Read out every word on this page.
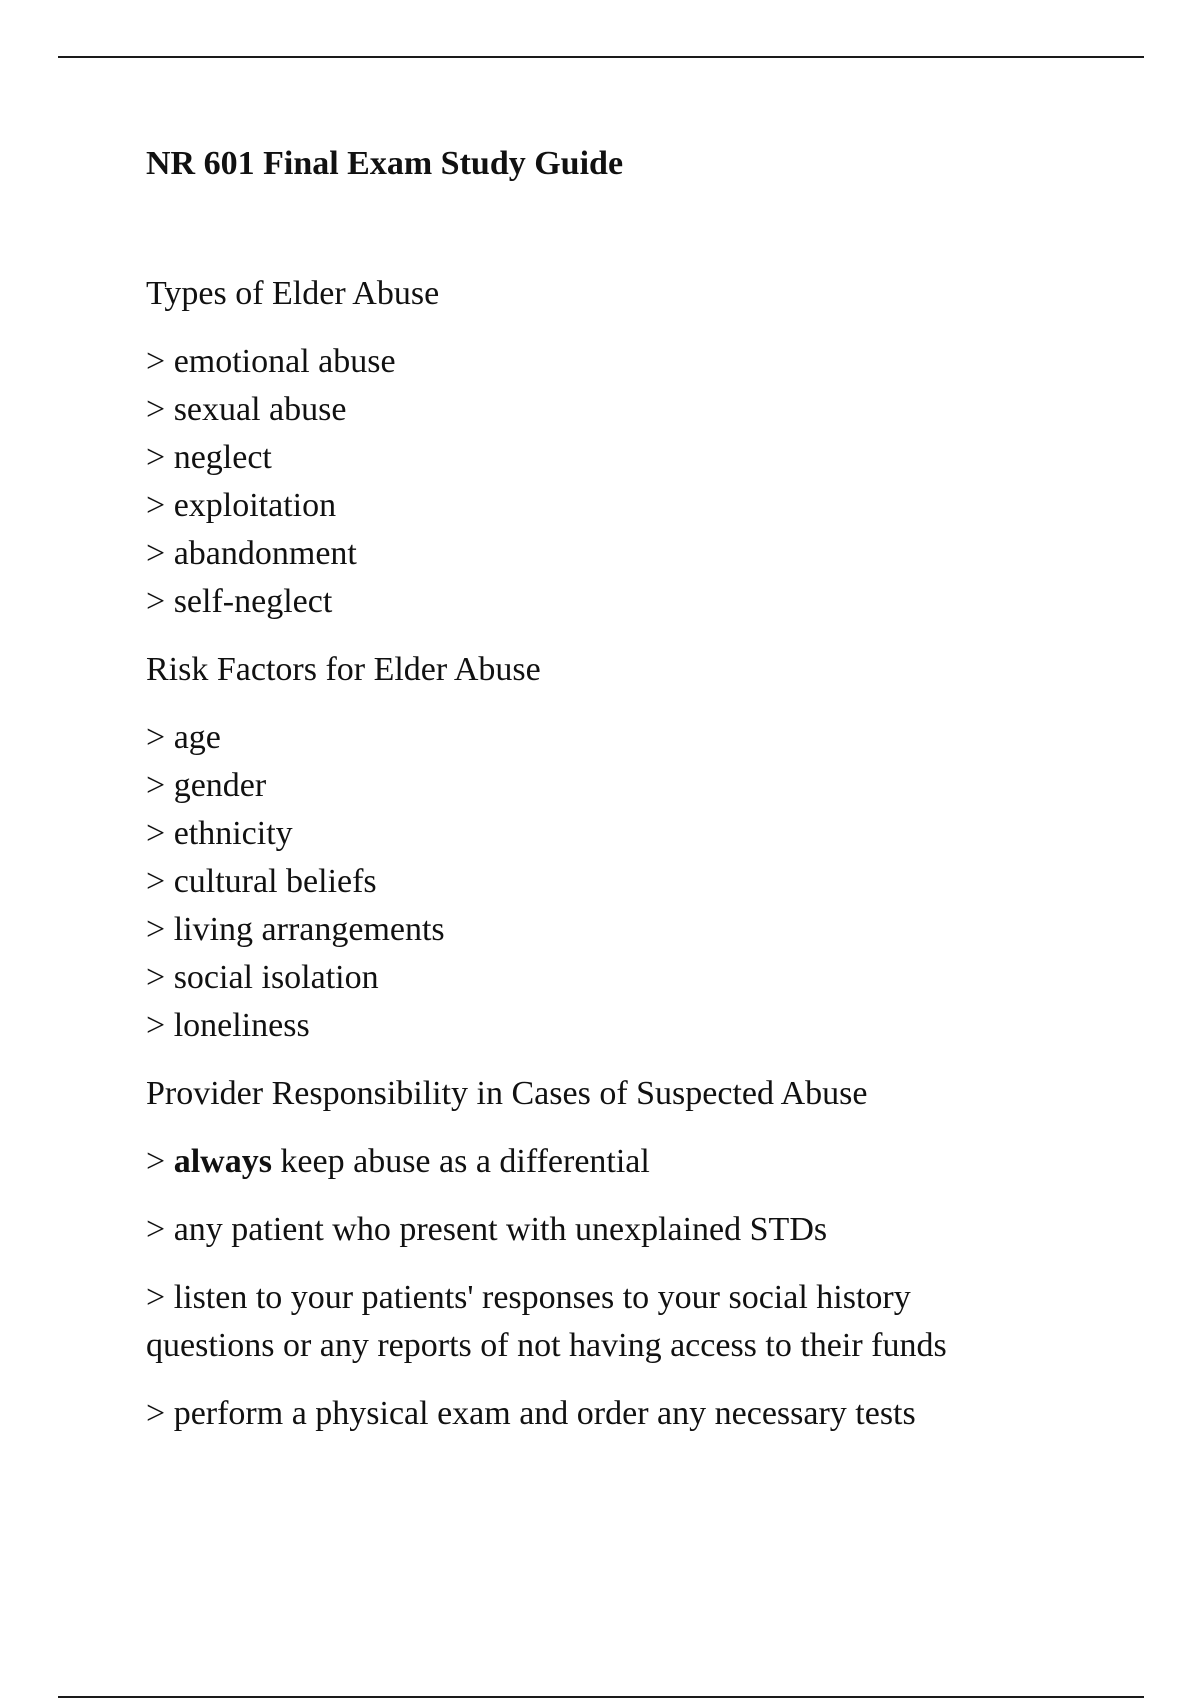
NR 601 Final Exam Study Guide

Types of Elder Abuse

> emotional abuse
> sexual abuse
> neglect
> exploitation
> abandonment
> self-neglect

Risk Factors for Elder Abuse

> age
> gender
> ethnicity
> cultural beliefs
> living arrangements
> social isolation
> loneliness

Provider Responsibility in Cases of Suspected Abuse

> always keep abuse as a differential
> any patient who present with unexplained STDs
> listen to your patients' responses to your social history questions or any reports of not having access to their funds
> perform a physical exam and order any necessary tests
